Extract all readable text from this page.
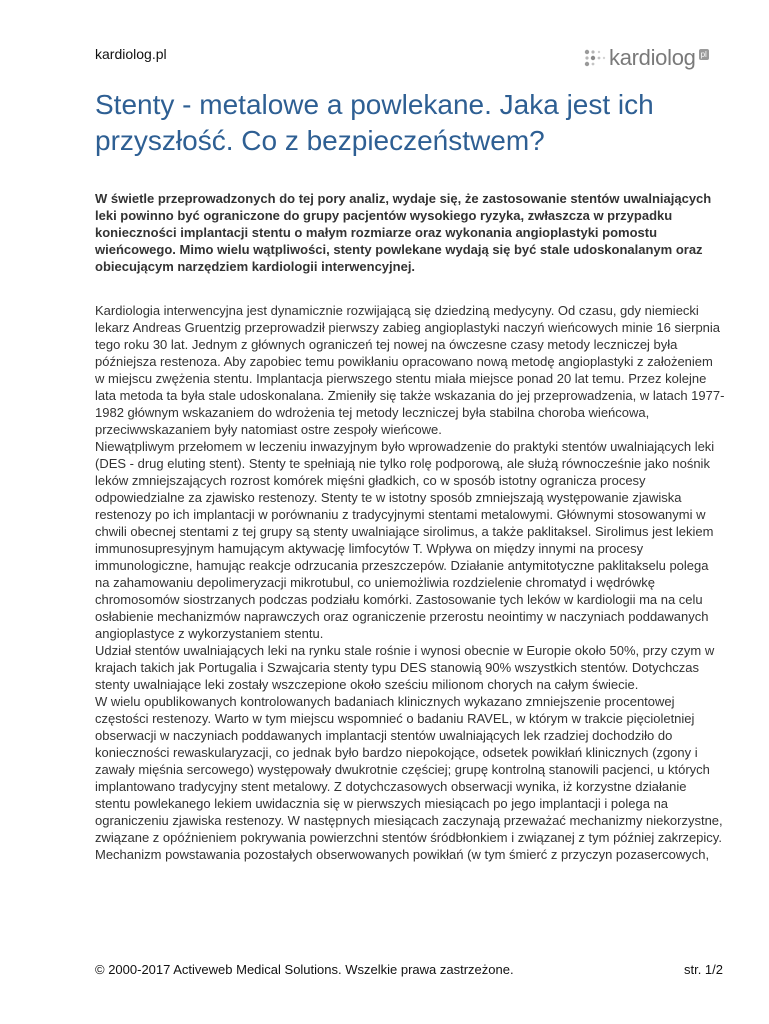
kardiolog.pl	kardiolog pl
Stenty - metalowe a powlekane. Jaka jest ich przyszłość. Co z bezpieczeństwem?

W świetle przeprowadzonych do tej pory analiz, wydaje się, że zastosowanie stentów uwalniających leki powinno być ograniczone do grupy pacjentów wysokiego ryzyka, zwłaszcza w przypadku konieczności implantacji stentu o małym rozmiarze oraz wykonania angioplastyki pomostu wieńcowego. Mimo wielu wątpliwości, stenty powlekane wydają się być stale udoskonalanym oraz obiecującym narzędziem kardiologii interwencyjnej.

Kardiologia interwencyjna jest dynamicznie rozwijającą się dziedziną medycyny. Od czasu, gdy niemiecki lekarz Andreas Gruentzig przeprowadził pierwszy zabieg angioplastyki naczyń wieńcowych minie 16 sierpnia tego roku 30 lat. Jednym z głównych ograniczeń tej nowej na ówczesne czasy metody leczniczej była późniejsza restenoza. Aby zapobiec temu powikłaniu opracowano nową metodę angioplastyki z założeniem w miejscu zwężenia stentu. Implantacja pierwszego stentu miała miejsce ponad 20 lat temu. Przez kolejne lata metoda ta była stale udoskonalana. Zmieniły się także wskazania do jej przeprowadzenia, w latach 1977-1982 głównym wskazaniem do wdrożenia tej metody leczniczej była stabilna choroba wieńcowa, przeciwwskazaniem były natomiast ostre zespoły wieńcowe.

Niewątpliwym przełomem w leczeniu inwazyjnym było wprowadzenie do praktyki stentów uwalniających leki (DES - drug eluting stent). Stenty te spełniają nie tylko rolę podporową, ale służą równocześnie jako nośnik leków zmniejszających rozrost komórek mięśni gładkich, co w sposób istotny ogranicza procesy odpowiedzialne za zjawisko restenozy. Stenty te w istotny sposób zmniejszają występowanie zjawiska restenozy po ich implantacji w porównaniu z tradycyjnymi stentami metalowymi. Głównymi stosowanymi w chwili obecnej stentami z tej grupy są stenty uwalniające sirolimus, a także paklitaksel. Sirolimus jest lekiem immunosupresyjnym hamującym aktywację limfocytów T. Wpływa on między innymi na procesy immunologiczne, hamując reakcje odrzucania przeszczepów. Działanie antymitotyczne paklitakselu polega na zahamowaniu depolimeryzacji mikrotubul, co uniemożliwia rozdzielenie chromatyd i wędrówkę chromosomów siostrzanych podczas podziału komórki. Zastosowanie tych leków w kardiologii ma na celu osłabienie mechanizmów naprawczych oraz ograniczenie przerostu neointimy w naczyniach poddawanych angioplastyce z wykorzystaniem stentu.

Udział stentów uwalniających leki na rynku stale rośnie i wynosi obecnie w Europie około 50%, przy czym w krajach takich jak Portugalia i Szwajcaria stenty typu DES stanowią 90% wszystkich stentów. Dotychczas stenty uwalniające leki zostały wszczepione około sześciu milionom chorych na całym świecie.

W wielu opublikowanych kontrolowanych badaniach klinicznych wykazano zmniejszenie procentowej częstości restenozy. Warto w tym miejscu wspomnieć o badaniu RAVEL, w którym w trakcie pięcioletniej obserwacji w naczyniach poddawanych implantacji stentów uwalniających lek rzadziej dochodziło do konieczności rewaskularyzacji, co jednak było bardzo niepokojące, odsetek powikłań klinicznych (zgony i zawały mięśnia sercowego) występowały dwukrotnie częściej; grupę kontrolną stanowili pacjenci, u których implantowano tradycyjny stent metalowy. Z dotychczasowych obserwacji wynika, iż korzystne działanie stentu powlekanego lekiem uwidacznia się w pierwszych miesiącach po jego implantacji i polega na ograniczeniu zjawiska restenozy. W następnych miesiącach zaczynają przeważać mechanizmy niekorzystne, związane z opóźnieniem pokrywania powierzchni stentów śródbłonkiem i związanej z tym później zakrzepicy. Mechanizm powstawania pozostałych obserwowanych powikłań (w tym śmierć z przyczyn pozasercowych,

© 2000-2017 Activeweb Medical Solutions. Wszelkie prawa zastrzeżone.	str. 1/2
